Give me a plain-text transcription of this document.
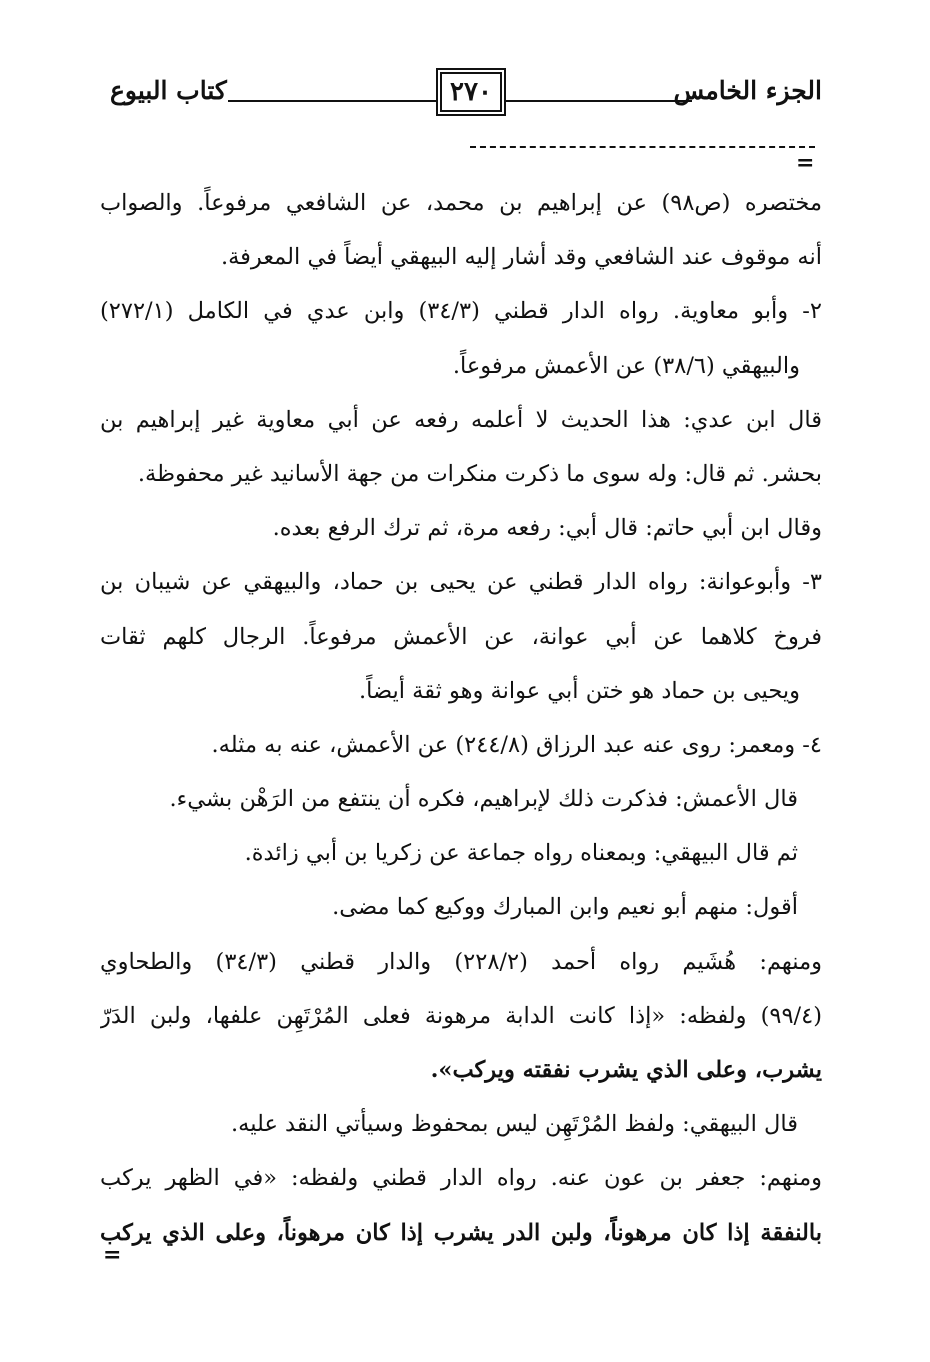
الجزء الخامس
٢٧٠
كتاب البيوع
=
مختصره (ص٩٨) عن إبراهيم بن محمد، عن الشافعي مرفوعاً. والصواب
أنه موقوف عند الشافعي وقد أشار إليه البيهقي أيضاً في المعرفة.
٢- وأبو معاوية. رواه الدار قطني (٣٤/٣) وابن عدي في الكامل (٢٧٢/١)
والبيهقي (٣٨/٦) عن الأعمش مرفوعاً.
قال ابن عدي: هذا الحديث لا أعلمه رفعه عن أبي معاوية غير إبراهيم بن
بحشر. ثم قال: وله سوى ما ذكرت منكرات من جهة الأسانيد غير محفوظة.
وقال ابن أبي حاتم: قال أبي: رفعه مرة، ثم ترك الرفع بعده.
٣- وأبوعوانة: رواه الدار قطني عن يحيى بن حماد، والبيهقي عن شيبان بن
فروخ كلاهما عن أبي عوانة، عن الأعمش مرفوعاً. الرجال كلهم ثقات
ويحيى بن حماد هو ختن أبي عوانة وهو ثقة أيضاً.
٤- ومعمر: روى عنه عبد الرزاق (٢٤٤/٨) عن الأعمش، عنه به مثله.
قال الأعمش: فذكرت ذلك لإبراهيم، فكره أن ينتفع من الرَهْن بشيء.
ثم قال البيهقي: وبمعناه رواه جماعة عن زكريا بن أبي زائدة.
أقول: منهم أبو نعيم وابن المبارك ووكيع كما مضى.
ومنهم: هُشَيم رواه أحمد (٢٢٨/٢) والدار قطني (٣٤/٣) والطحاوي
(٩٩/٤) ولفظه: «إذا كانت الدابة مرهونة فعلى المُرْتَهِن علفها، ولبن الدَرّ
يشرب، وعلى الذي يشرب نفقته ويركب».
قال البيهقي: ولفظ المُرْتَهِن ليس بمحفوظ وسيأتي النقد عليه.
ومنهم: جعفر بن عون عنه. رواه الدار قطني ولفظه: «في الظهر يركب
بالنفقة إذا كان مرهوناً، ولبن الدر يشرب إذا كان مرهوناً، وعلى الذي يركب
=
